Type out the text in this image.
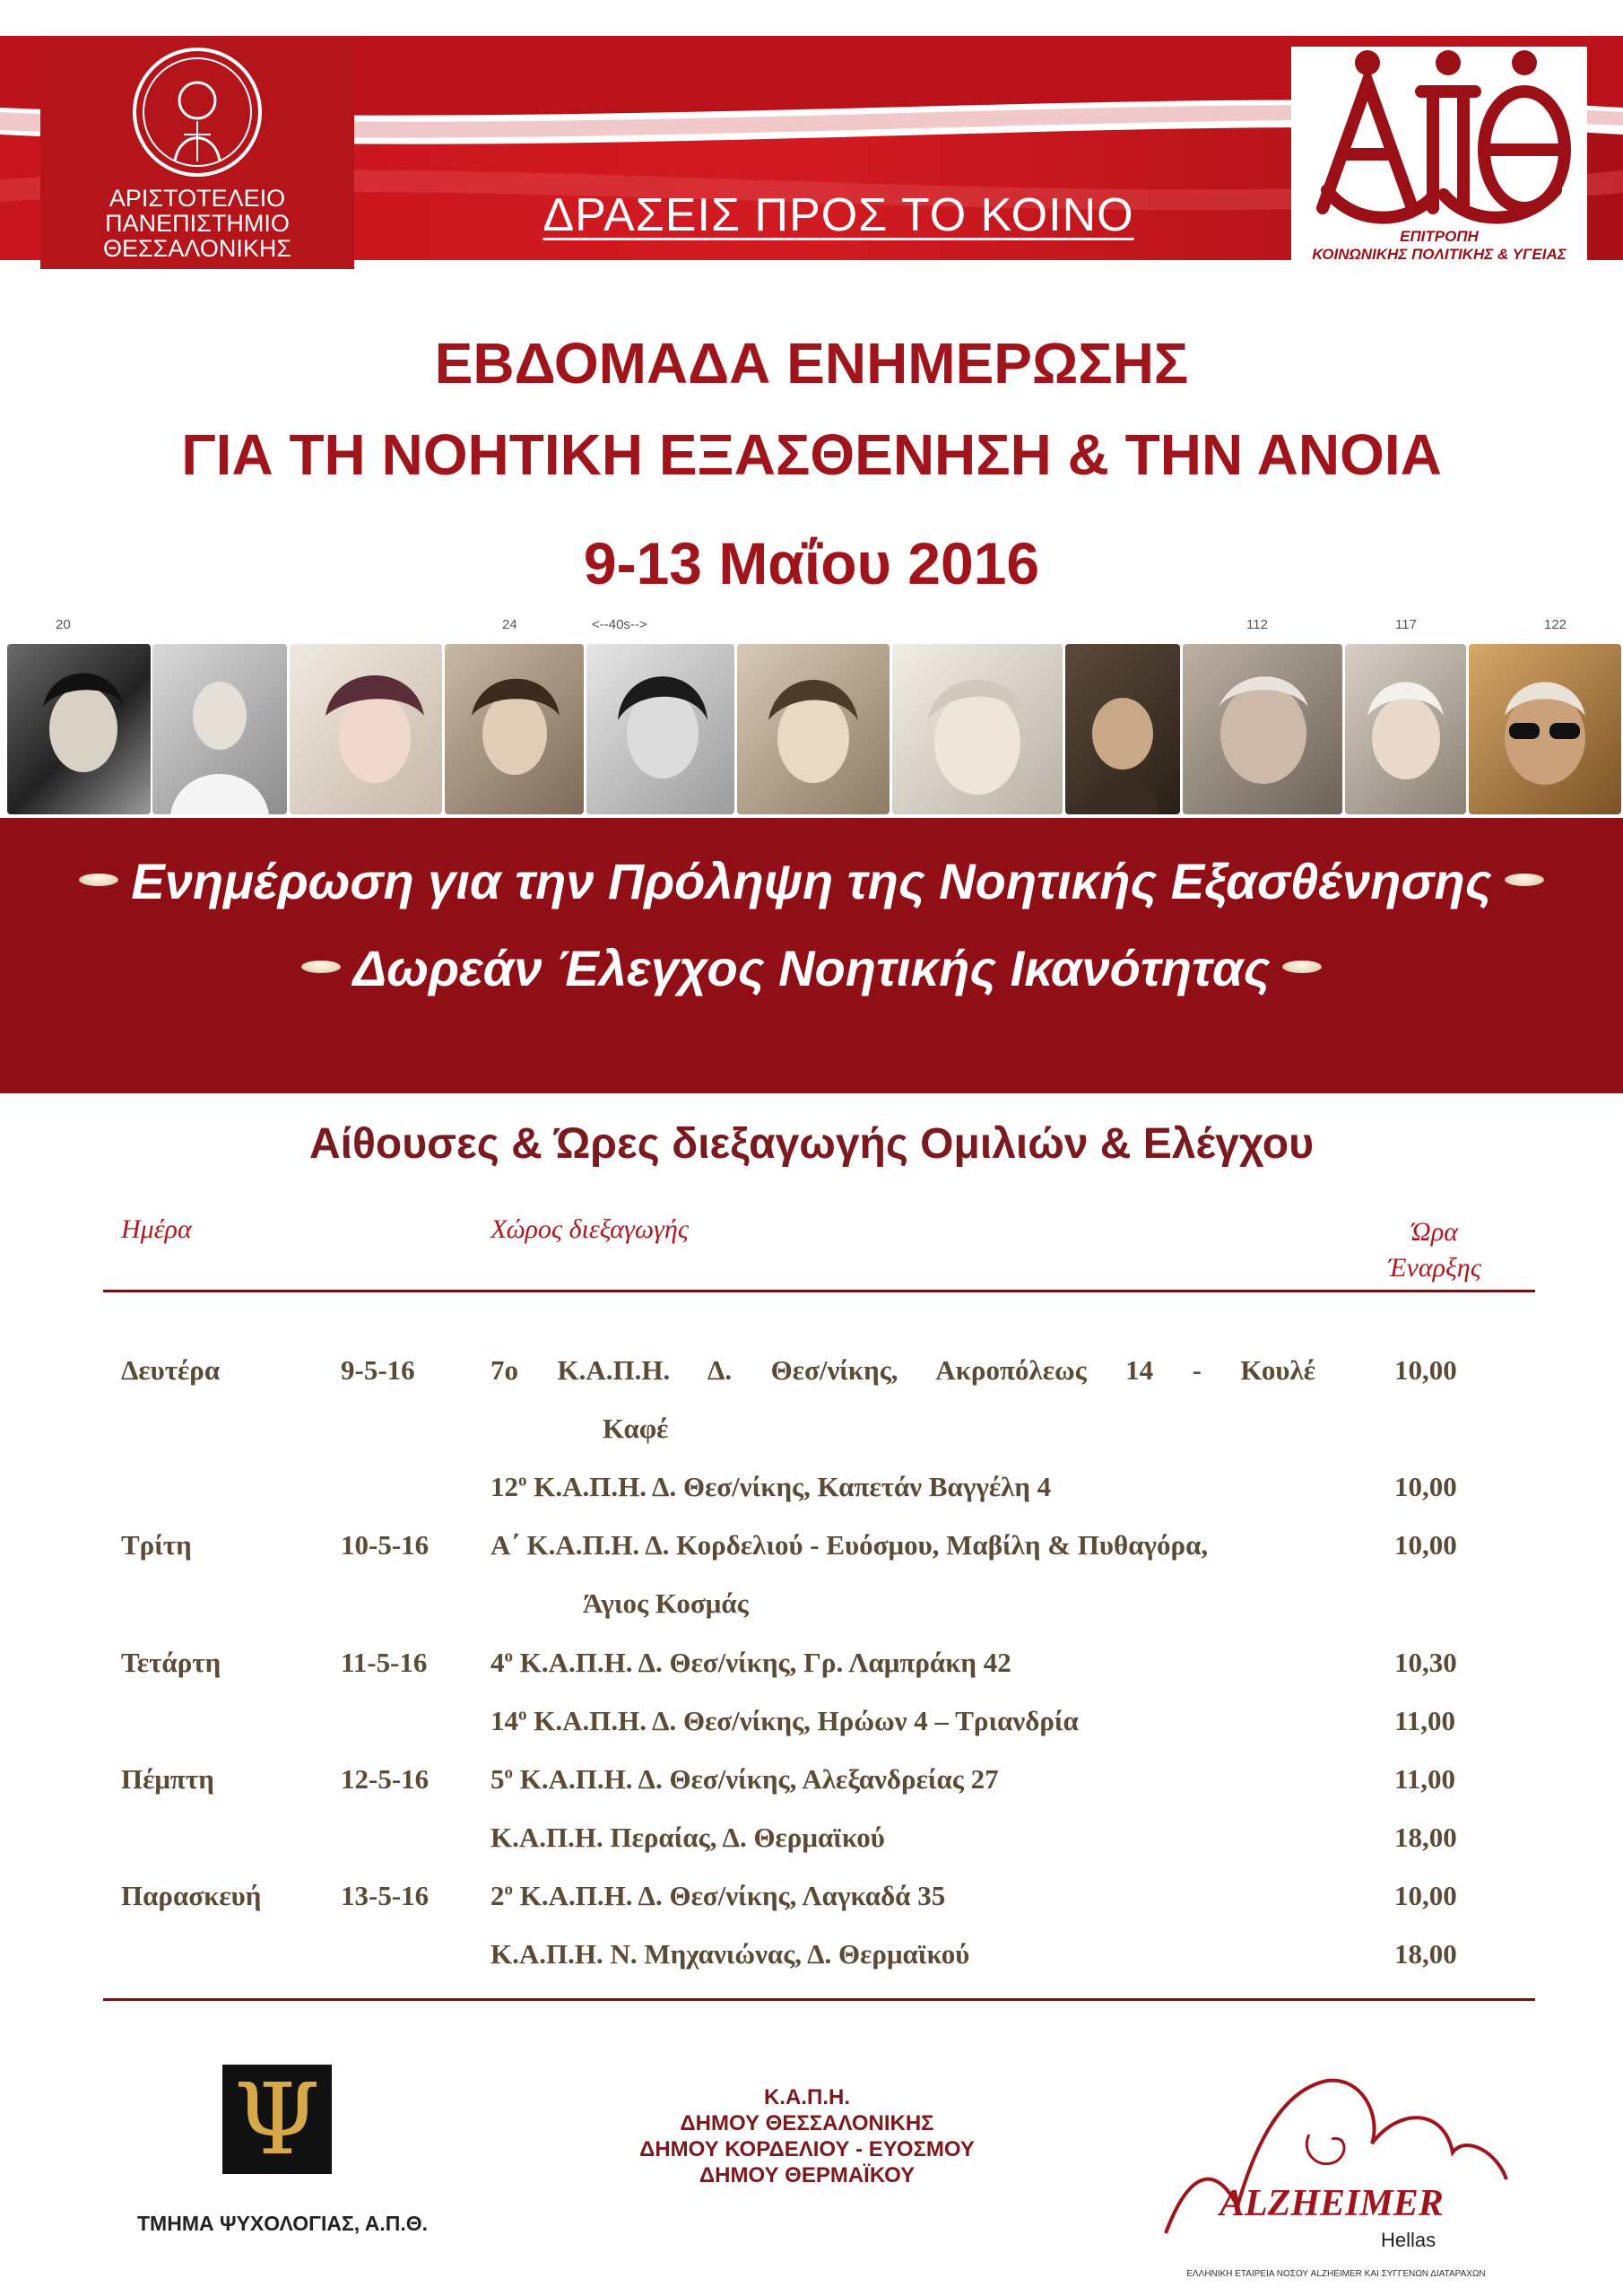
ΑΡΙΣΤΟΤΕΛΕΙΟ
ΠΑΝΕΠΙΣΤΗΜΙΟ
ΘΕΣΣΑΛΟΝΙΚΗΣ
ΔΡΑΣΕΙΣ ΠΡΟΣ ΤΟ ΚΟΙΝΟ	ΕΠΙΤΡΟΠΗ
ΚΟΙΝΩΝΙΚΗΣ ΠΟΛΙΤΙΚΗΣ & ΥΓΕΙΑΣ
ΕΒΔΟΜΑΔΑ ΕΝΗΜΕΡΩΣΗΣ
ΓΙΑ ΤΗ ΝΟΗΤΙΚΗ ΕΞΑΣΘΕΝΗΣΗ & ΤΗΝ ΑΝΟΙΑ
9-13 Μαΐου 2016
20	24	<--40s-->	112	117	122
Ενημέρωση για την Πρόληψη της Νοητικής Εξασθένησης
Δωρεάν Έλεγχος Νοητικής Ικανότητας
Αίθουσες & Ώρες διεξαγωγής Ομιλιών & Ελέγχου
Ημέρα	Χώρος διεξαγωγής	Ώρα
Έναρξης
Δευτέρα	9-5-16	7ο Κ.Α.Π.Η. Δ. Θεσ/νίκης, Ακροπόλεως 14 - Κουλέ	10,00
Καφέ
$12^o$ Κ.Α.Π.Η. Δ. Θεσ/νίκης, Καπετάν Βαγγέλη 4	10,00
Τρίτη	10-5-16 Α΄ Κ.Α.Π.Η. Δ. Κορδελιού - Ευόσμου, Μαβίλη & Πυθαγόρα,	10,00
Άγιος Κοσμάς
Τετάρτη	11-5-16 $4^o$ Κ.Α.Π.Η. Δ. Θεσ/νίκης, Γρ. Λαμπράκη 42	10,30
$14^o$ Κ.Α.Π.Η. Δ. Θεσ/νίκης, Ηρώων 4 – Τριανδρία	11,00
Πέμπτη	12-5-16 $5^o$ Κ.Α.Π.Η. Δ. Θεσ/νίκης, Αλεξανδρείας 27	11,00
Κ.Α.Π.Η. Περαίας, Δ. Θερμαϊκού	18,00
Παρασκευή	13-5-16 $2^o$ Κ.Α.Π.Η. Δ. Θεσ/νίκης, Λαγκαδά 35	10,00
Κ.Α.Π.Η. Ν. Μηχανιώνας, Δ. Θερμαϊκού	18,00
Ψ
ΤΜΗΜΑ ΨΥΧΟΛΟΓΙΑΣ, Α.Π.Θ.
Κ.Α.Π.Η.
ΔΗΜΟΥ ΘΕΣΣΑΛΟΝΙΚΗΣ
ΔΗΜΟΥ ΚΟΡΔΕΛΙΟΥ - ΕΥΟΣΜΟΥ
ΔΗΜΟΥ ΘΕΡΜΑΪΚΟΥ
ALZHEIMER
Hellas
ΕΛΛΗΝΙΚΗ ΕΤΑΙΡΕΙΑ ΝΟΣΟΥ ALZHEIMER ΚΑΙ ΣΥΓΓΕΝΩΝ ΔΙΑΤΑΡΑΧΩΝ
